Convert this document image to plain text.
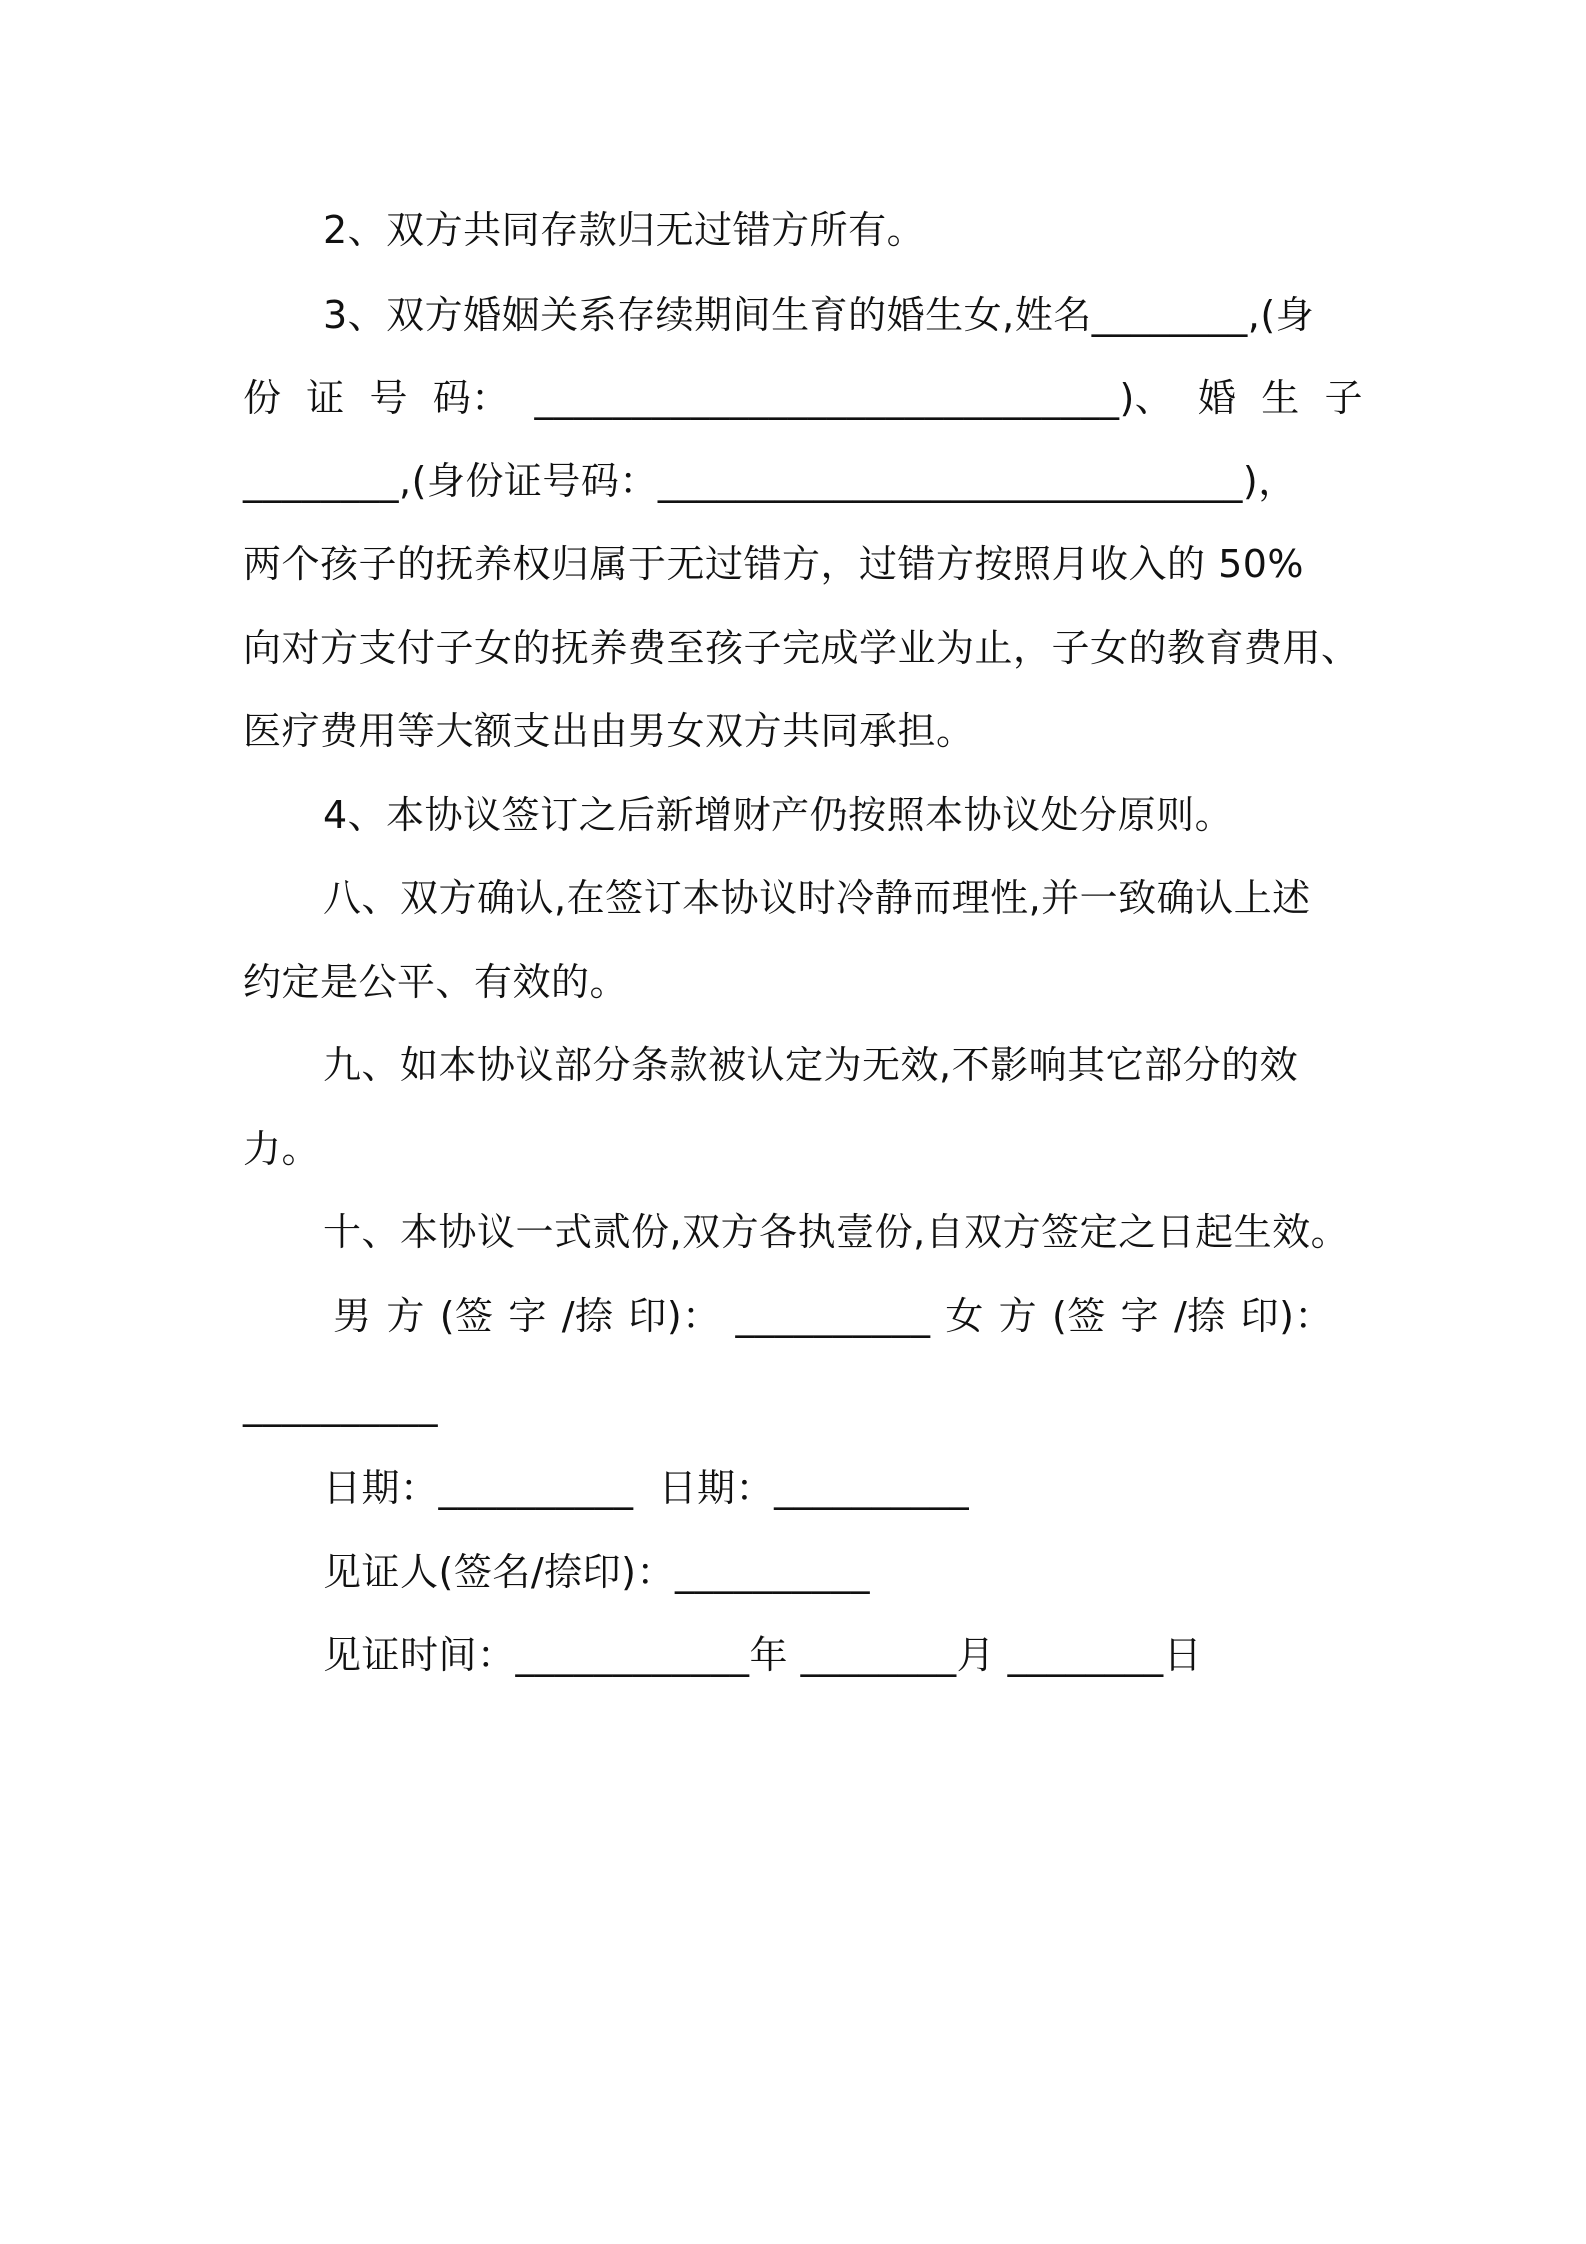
2、双方共同存款归无过错方所有。
3、双方婚姻关系存续期间生育的婚生女,姓名________,(身
份 证 号 码： ______________________________)、 婚 生 子
________,(身份证号码：______________________________)，
两个孩子的抚养权归属于无过错方，过错方按照月收入的 50%
向对方支付子女的抚养费至孩子完成学业为止，子女的教育费用、
医疗费用等大额支出由男女双方共同承担。
4、本协议签订之后新增财产仍按照本协议处分原则。
八、双方确认,在签订本协议时冷静而理性,并一致确认上述
约定是公平、有效的。
九、如本协议部分条款被认定为无效,不影响其它部分的效
力。
十、本协议一式贰份,双方各执壹份,自双方签定之日起生效。
男 方 (签 字 /捺 印)： __________ 女 方 (签 字 /捺 印)：
__________
日期：__________  日期：__________
见证人(签名/捺印)：__________
见证时间：____________年 ________月 ________日
